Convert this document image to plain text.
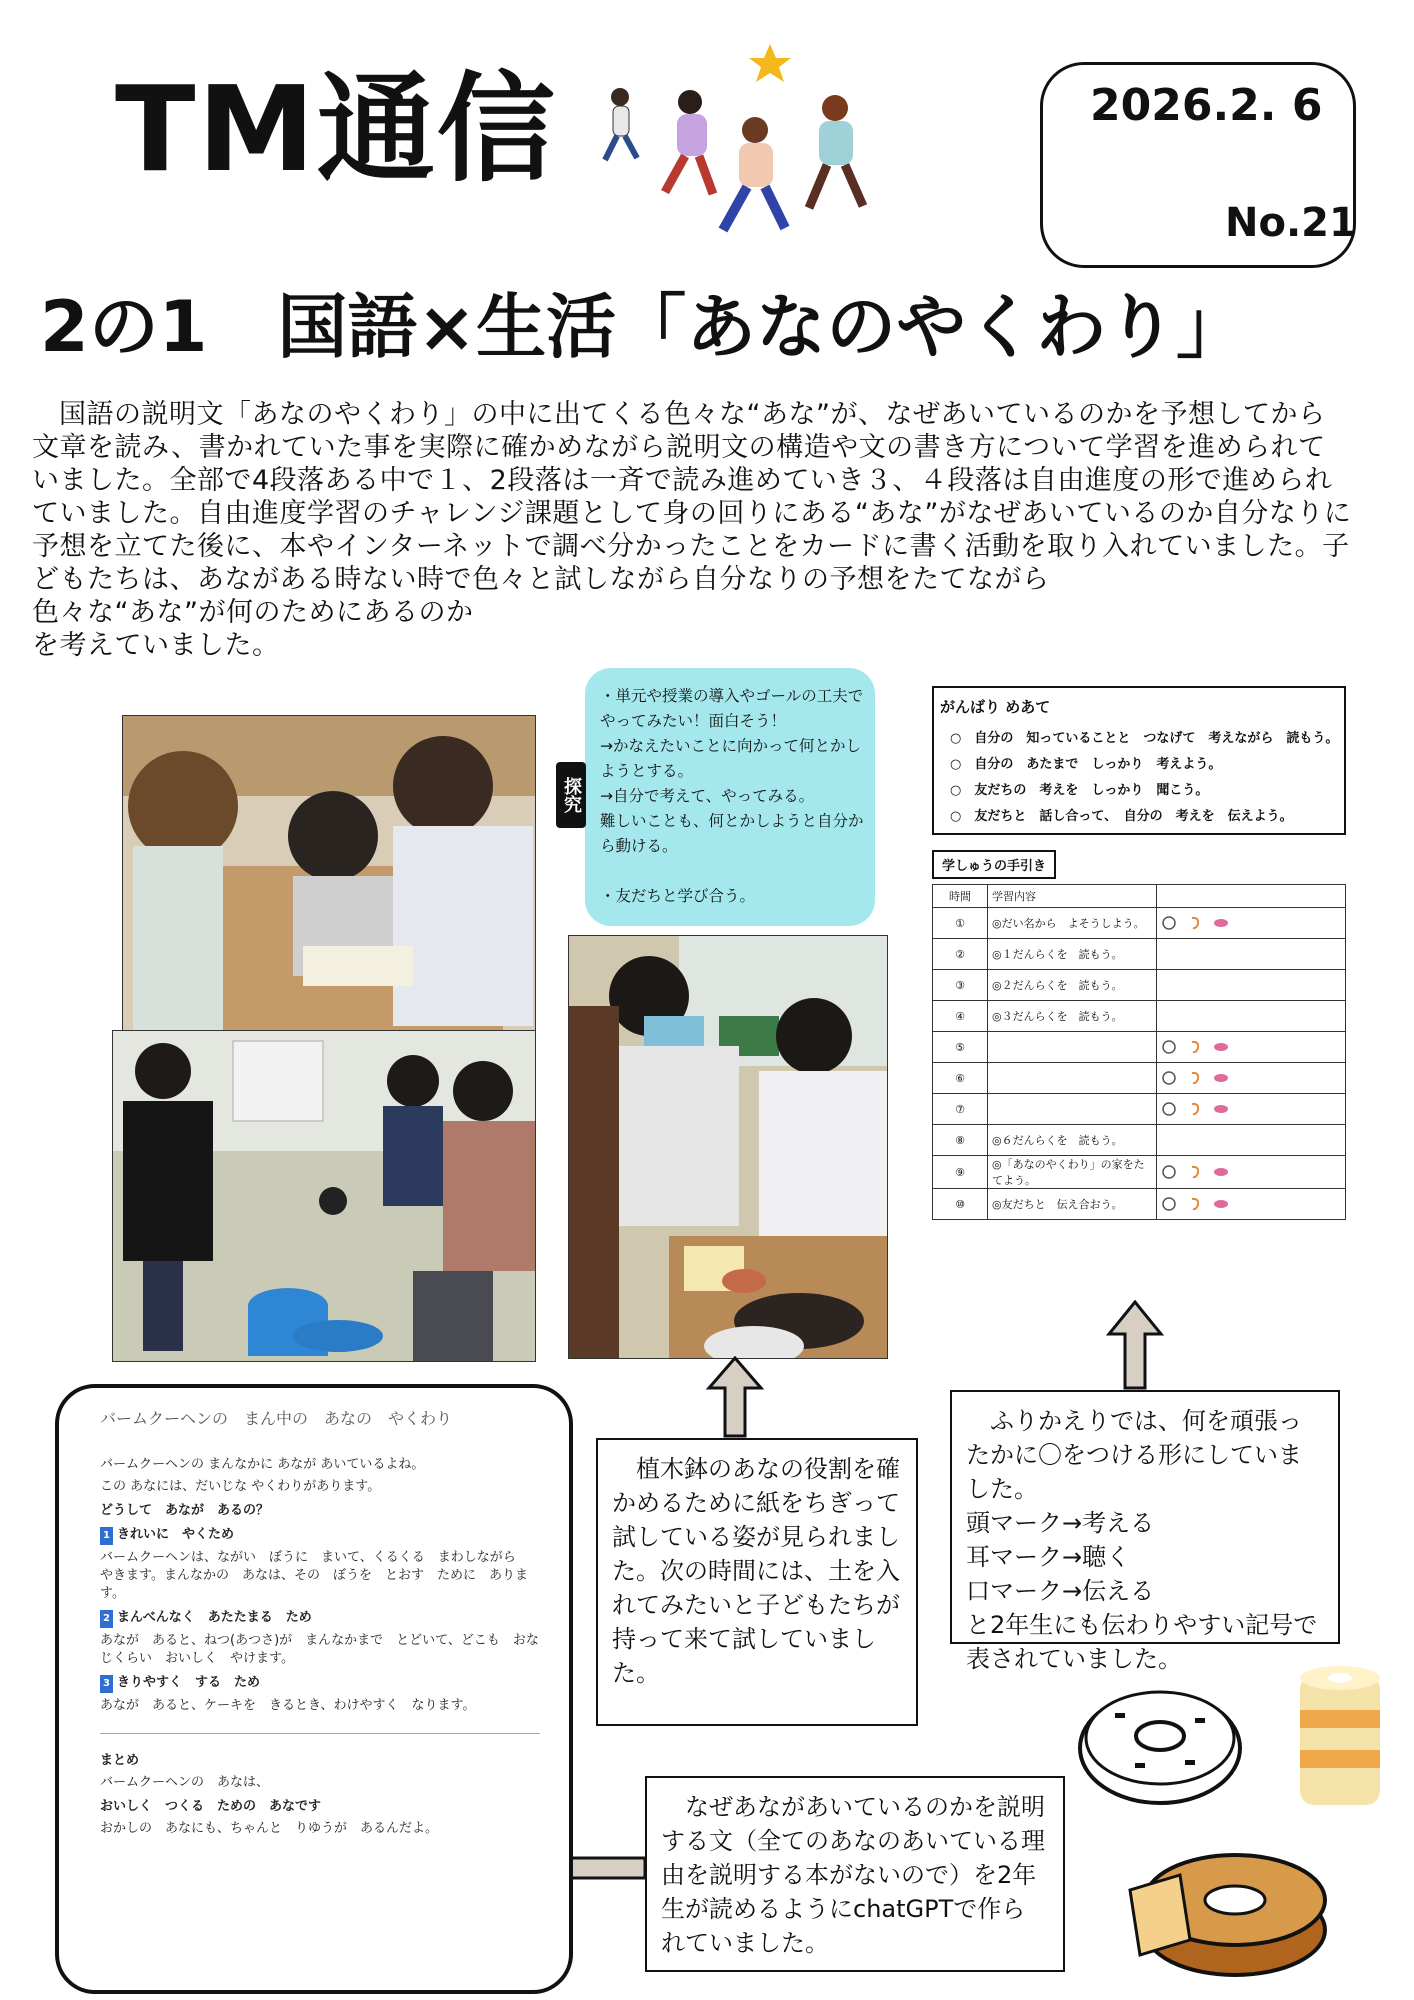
TM通信	2026.2. 6
No.21
2の1　国語×生活「あなのやくわり」

国語の説明文「あなのやくわり」の中に出てくる色々な“あな”が、なぜあいているのかを予想してから文章を読み、書かれていた事を実際に確かめながら説明文の構造や文の書き方について学習を進められていました。全部で4段落ある中で１、2段落は一斉で読み進めていき３、４段落は自由進度の形で進められていました。自由進度学習のチャレンジ課題として身の回りにある“あな”がなぜあいているのか自分なりに予想を立てた後に、本やインターネットで調べ分かったことをカードに書く活動を取り入れていました。子どもたちは、あながある時ない時で色々と試しながら自分なりの予想をたてながら

色々な“あな”が何のためにあるのか
を考えていました。
・単元や授業の導入やゴールの工夫でやってみたい！面白そう！
→かなえたいことに向かって何とかしようとする。
→自分で考えて、やってみる。
難しいことも、何とかしようと自分から動ける。

・友だちと学び合う。
探究
がんばり めあて
○　自分の　知っていることと　つなげて　考えながら　読もう。
○　自分の　あたまで　しっかり　考えよう。
○　友だちの　考えを　しっかり　聞こう。
○　友だちと　話し合って、　自分の　考えを　伝えよう。
学しゅうの手引き
時間	学習内容	
①	◎だい名から　よそうしよう。	

②	◎１だんらくを　読もう。	
③	◎２だんらくを　読もう。	
④	◎３だんらくを　読もう。	
⑤		

⑥		

⑦		

⑧	◎６だんらくを　読もう。	
⑨	◎「あなのやくわり」の家をたてよう。	

⑩	◎友だちと　伝え合おう。	
バームクーヘンの　まん中の　あなの　やくわり

バームクーヘンの まんなかに あなが あいているよね。

この あなには、だいじな やくわりがあります。

どうして　あなが　あるの？

1 きれいに　やくため

バームクーヘンは、ながい　ぼうに　まいて、くるくる　まわしながら　やきます。まんなかの　あなは、その　ぼうを　とおす　ために　あります。

2 まんべんなく　あたたまる　ため

あなが　あると、ねつ(あつさ)が　まんなかまで　とどいて、どこも　おなじくらい　おいしく　やけます。

3 きりやすく　する　ため

あなが　あると、ケーキを　きるとき、わけやすく　なります。

まとめ

バームクーヘンの　あなは、

おいしく　つくる　ための　あなです

おかしの　あなにも、ちゃんと　りゆうが　あるんだよ。

植木鉢のあなの役割を確かめるために紙をちぎって試している姿が見られました。次の時間には、土を入れてみたいと子どもたちが持って来て試していました。

ふりかえりでは、何を頑張ったかに〇をつける形にしていました。

頭マーク→考える
耳マーク→聴く
口マーク→伝える
と2年生にも伝わりやすい記号で表されていました。

なぜあながあいているのかを説明する文（全てのあなのあいている理由を説明する本がないので）を2年生が読めるようにchatGPTで作られていました。
